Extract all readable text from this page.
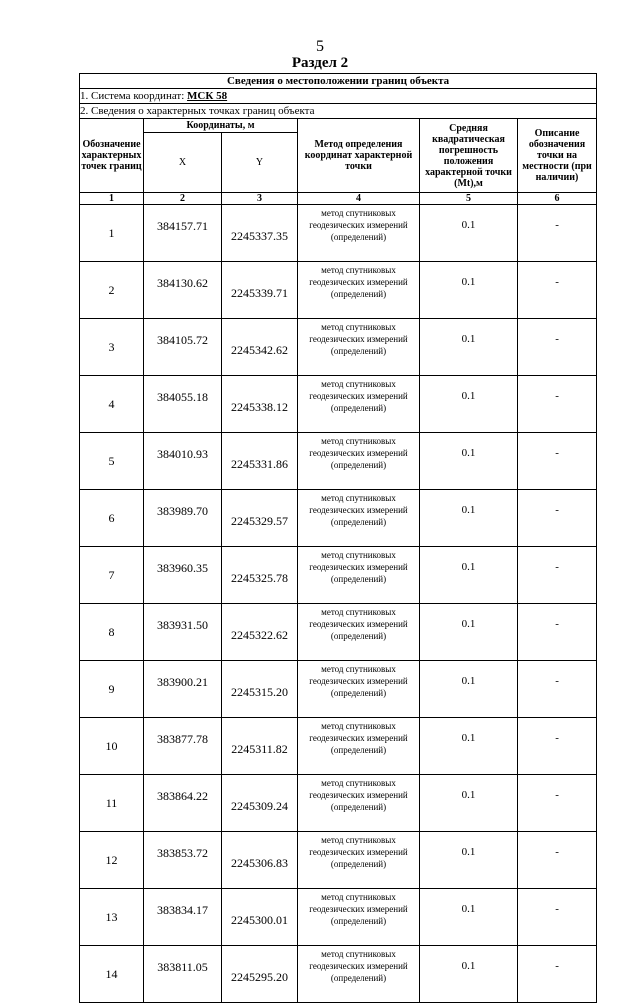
5
Раздел 2
Сведения о местоположении границ объекта					
1. Система координат: МСК 58					
2. Сведения о характерных точках границ объекта					
Обозначение характерных точек границ	Координаты, м		Метод определения координат характерной точки	Средняя квадратическая погрешность положения характерной точки (Mt),м	Описание обозначения точки на местности (при наличии)
	X	Y			
1	2	3	4	5	6
1	384157.71	2245337.35	метод спутниковых геодезических измерений (определений)	0.1	-
2	384130.62	2245339.71	метод спутниковых геодезических измерений (определений)	0.1	-
3	384105.72	2245342.62	метод спутниковых геодезических измерений (определений)	0.1	-
4	384055.18	2245338.12	метод спутниковых геодезических измерений (определений)	0.1	-
5	384010.93	2245331.86	метод спутниковых геодезических измерений (определений)	0.1	-
6	383989.70	2245329.57	метод спутниковых геодезических измерений (определений)	0.1	-
7	383960.35	2245325.78	метод спутниковых геодезических измерений (определений)	0.1	-
8	383931.50	2245322.62	метод спутниковых геодезических измерений (определений)	0.1	-
9	383900.21	2245315.20	метод спутниковых геодезических измерений (определений)	0.1	-
10	383877.78	2245311.82	метод спутниковых геодезических измерений (определений)	0.1	-
11	383864.22	2245309.24	метод спутниковых геодезических измерений (определений)	0.1	-
12	383853.72	2245306.83	метод спутниковых геодезических измерений (определений)	0.1	-
13	383834.17	2245300.01	метод спутниковых геодезических измерений (определений)	0.1	-
14	383811.05	2245295.20	метод спутниковых геодезических измерений (определений)	0.1	-
